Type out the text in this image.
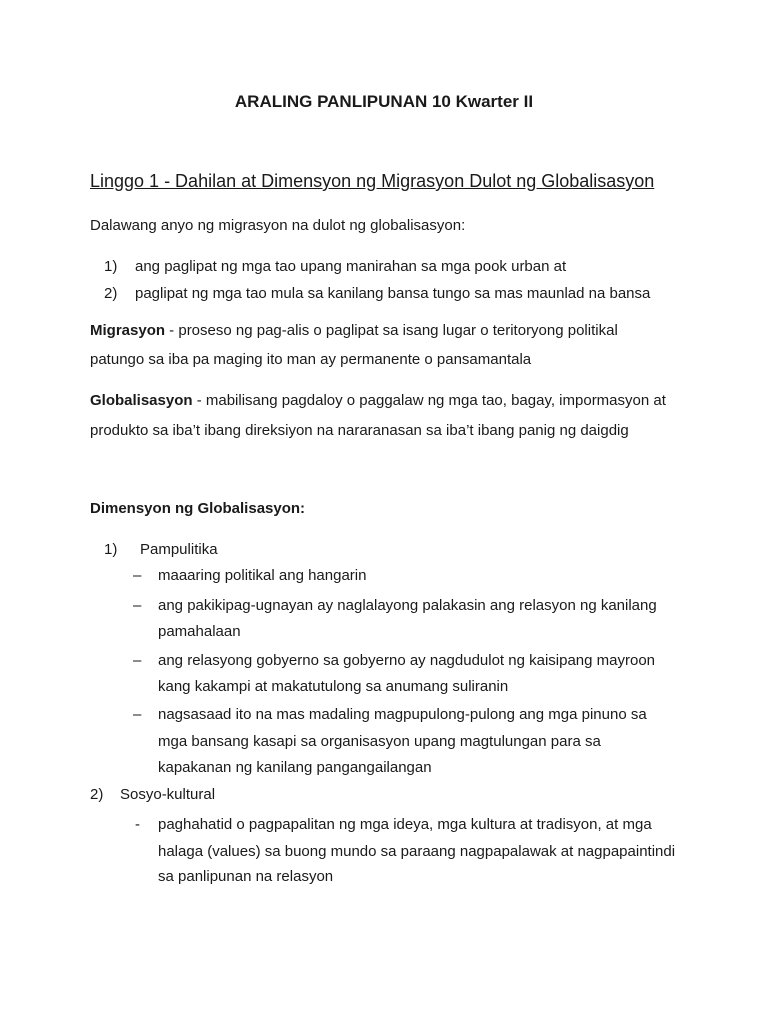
ARALING PANLIPUNAN 10 Kwarter II

Linggo 1 - Dahilan at Dimensyon ng Migrasyon Dulot ng Globalisasyon

Dalawang anyo ng migrasyon na dulot ng globalisasyon:

1) ang paglipat ng mga tao upang manirahan sa mga pook urban at
2) paglipat ng mga tao mula sa kanilang bansa tungo sa mas maunlad na bansa

Migrasyon - proseso ng pag-alis o paglipat sa isang lugar o teritoryong politikal

patungo sa iba pa maging ito man ay permanente o pansamantala

Globalisasyon - mabilisang pagdaloy o paggalaw ng mga tao, bagay, impormasyon at

produkto sa iba’t ibang direksiyon na nararanasan sa iba’t ibang panig ng daigdig

Dimensyon ng Globalisasyon:

1) Pampulitika
– maaaring politikal ang hangarin
– ang pakikipag-ugnayan ay naglalayong palakasin ang relasyon ng kanilang
pamahalaan
– ang relasyong gobyerno sa gobyerno ay nagdudulot ng kaisipang mayroon
kang kakampi at makatutulong sa anumang suliranin
– nagsasaad ito na mas madaling magpupulong-pulong ang mga pinuno sa
mga bansang kasapi sa organisasyon upang magtulungan para sa
kapakanan ng kanilang pangangailangan
2) Sosyo-kultural
- paghahatid o pagpapalitan ng mga ideya, mga kultura at tradisyon, at mga
halaga (values) sa buong mundo sa paraang nagpapalawak at nagpapaintindi
sa panlipunan na relasyon
